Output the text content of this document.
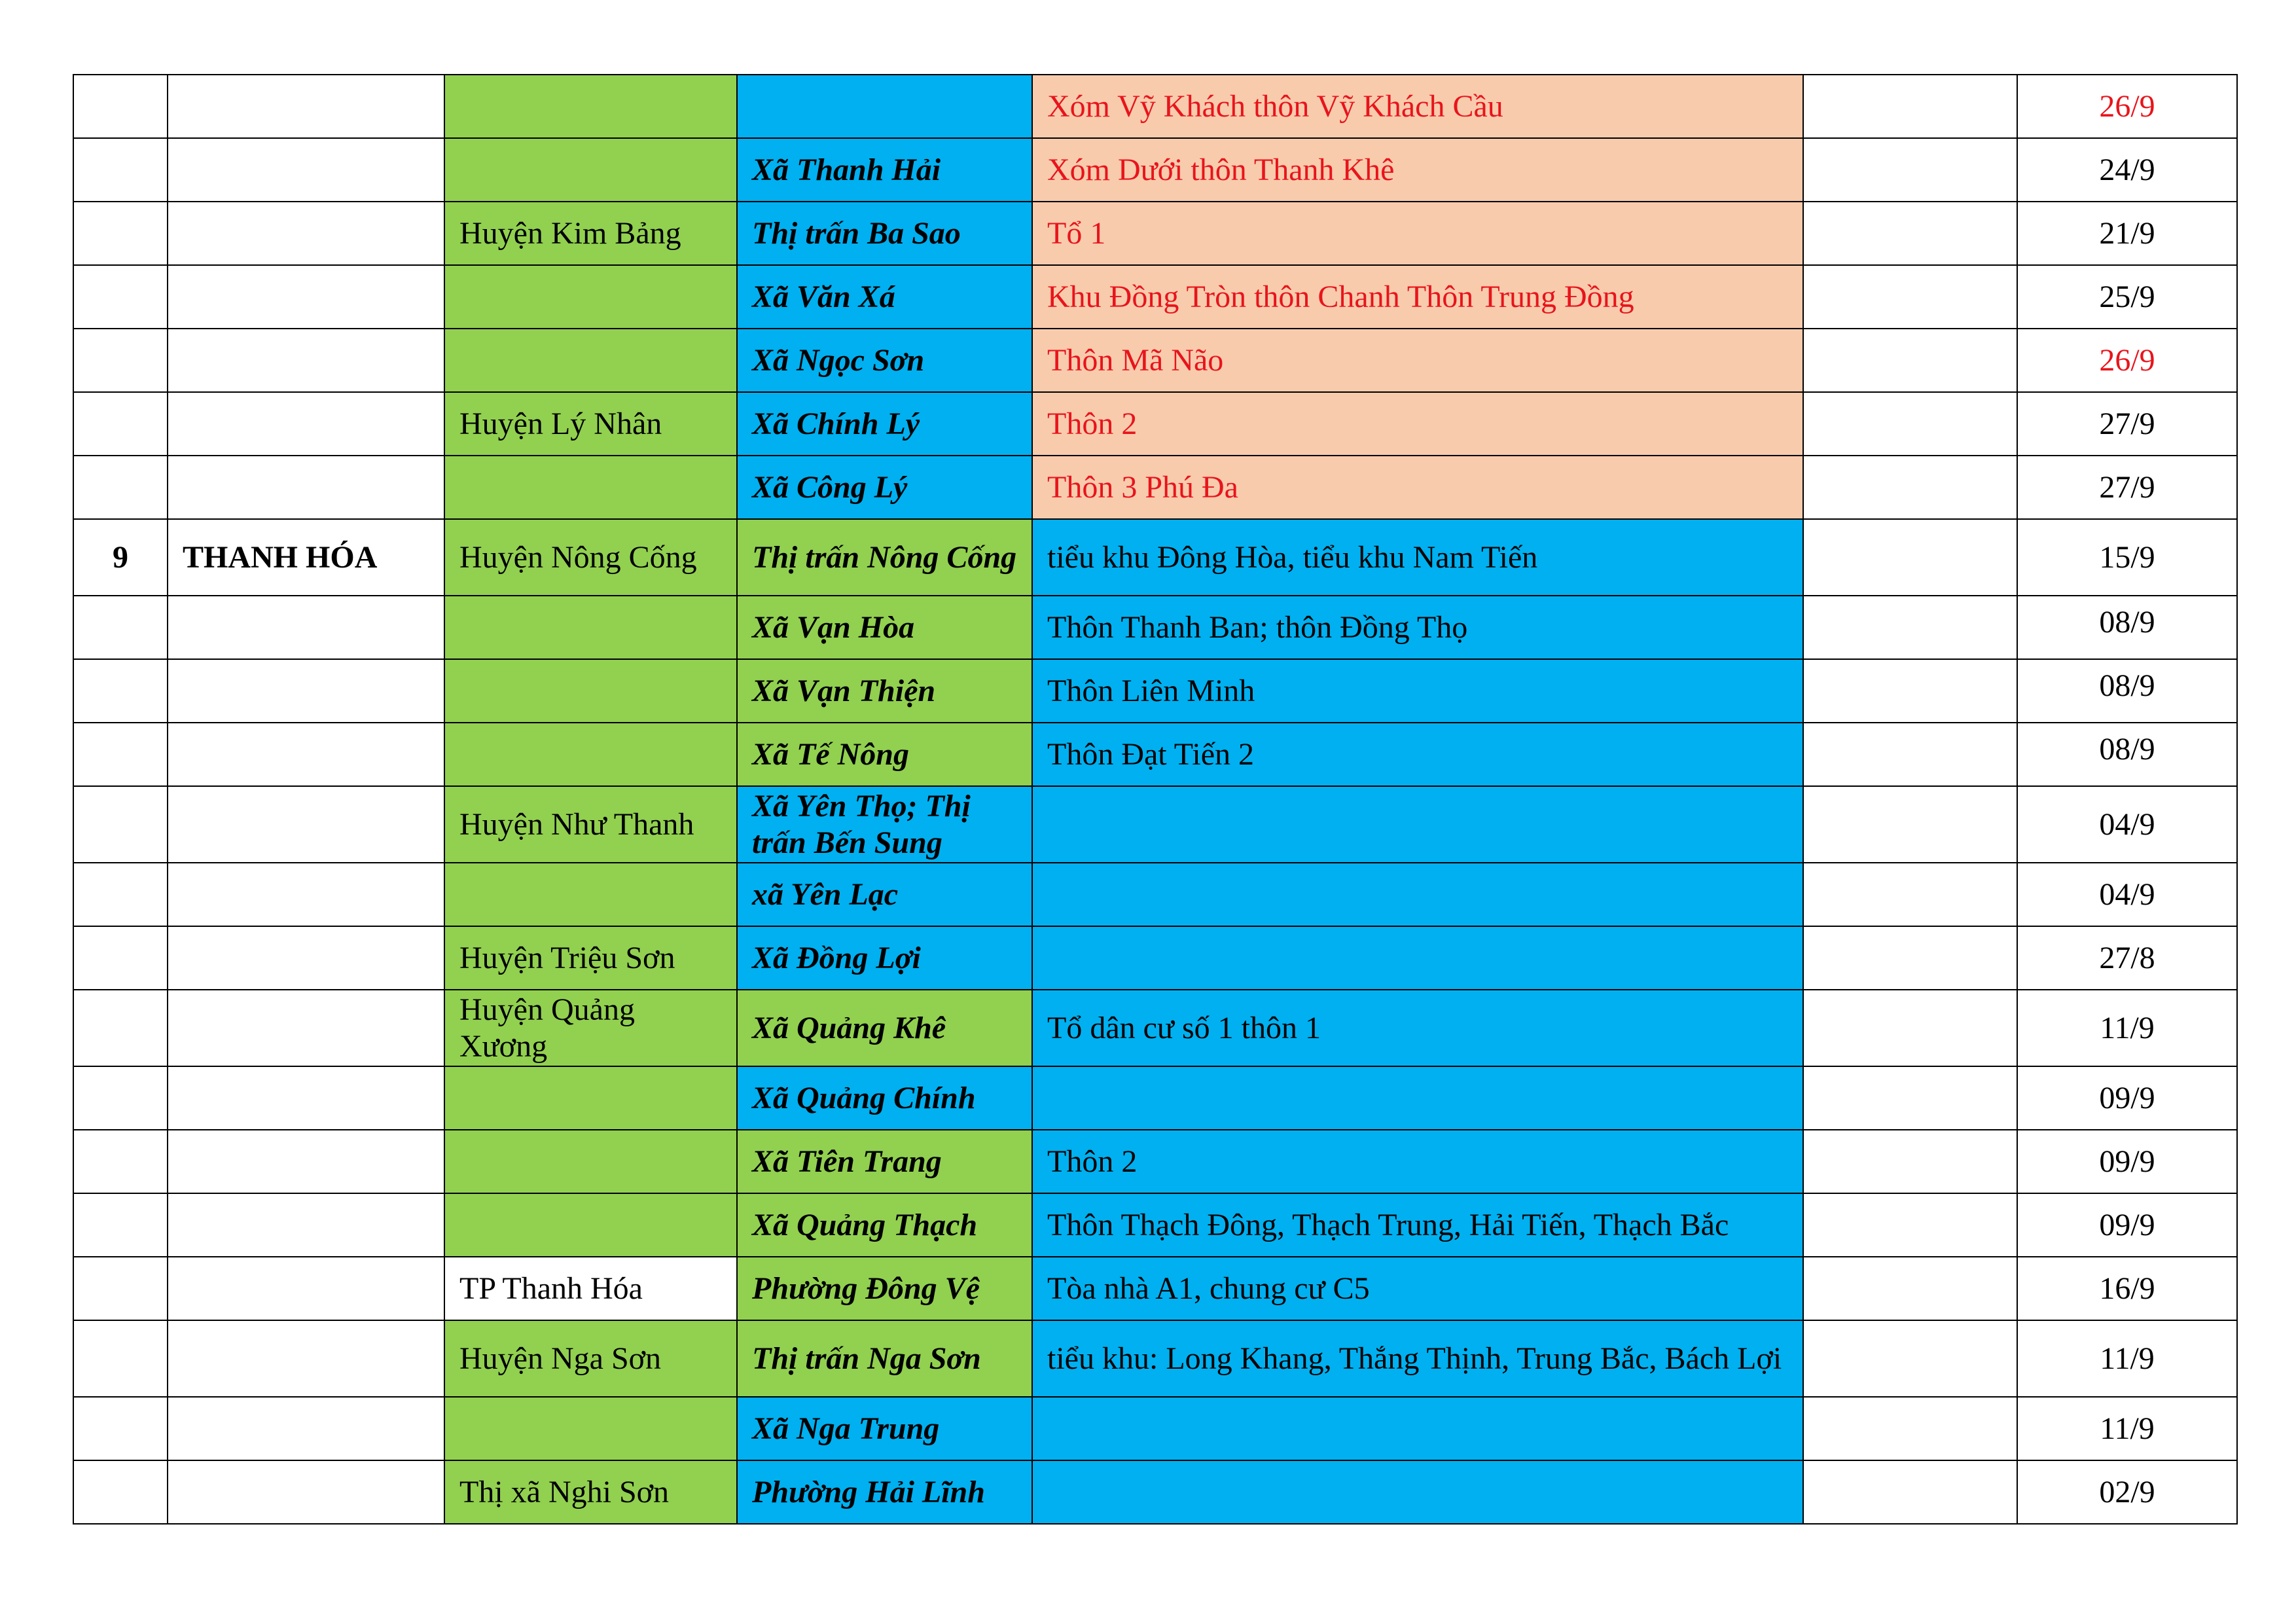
				Xóm Vỹ Khách thôn Vỹ Khách Cầu		26/9
			Xã Thanh Hải	Xóm Dưới thôn Thanh Khê		24/9
		Huyện Kim Bảng	Thị trấn Ba Sao	Tổ 1		21/9
			Xã Văn Xá	Khu Đồng Tròn thôn Chanh Thôn Trung Đồng		25/9
			Xã Ngọc Sơn	Thôn Mã Não		26/9
		Huyện Lý Nhân	Xã Chính Lý	Thôn 2		27/9
			Xã Công Lý	Thôn 3 Phú Đa		27/9
9	THANH HÓA	Huyện Nông Cống	Thị trấn Nông Cống	tiểu khu Đông Hòa, tiểu khu Nam Tiến		15/9
			Xã Vạn Hòa	Thôn Thanh Ban; thôn Đồng Thọ		08/9
			Xã Vạn Thiện	Thôn Liên Minh		08/9
			Xã Tế Nông	Thôn Đạt Tiến 2		08/9
		Huyện Như Thanh	Xã Yên Thọ; Thị trấn Bến Sung			04/9
			xã Yên Lạc			04/9
		Huyện Triệu Sơn	Xã Đồng Lợi			27/8
		Huyện Quảng Xương	Xã Quảng Khê	Tổ dân cư số 1 thôn 1		11/9
			Xã Quảng Chính			09/9
			Xã Tiên Trang	Thôn 2		09/9
			Xã Quảng Thạch	Thôn Thạch Đông, Thạch Trung, Hải Tiến, Thạch Bắc		09/9
		TP Thanh Hóa	Phường Đông Vệ	Tòa nhà A1, chung cư C5		16/9
		Huyện Nga Sơn	Thị trấn Nga Sơn	tiểu khu: Long Khang, Thắng Thịnh, Trung Bắc, Bách Lợi		11/9
			Xã Nga Trung			11/9
		Thị xã Nghi Sơn	Phường Hải Lĩnh			02/9
